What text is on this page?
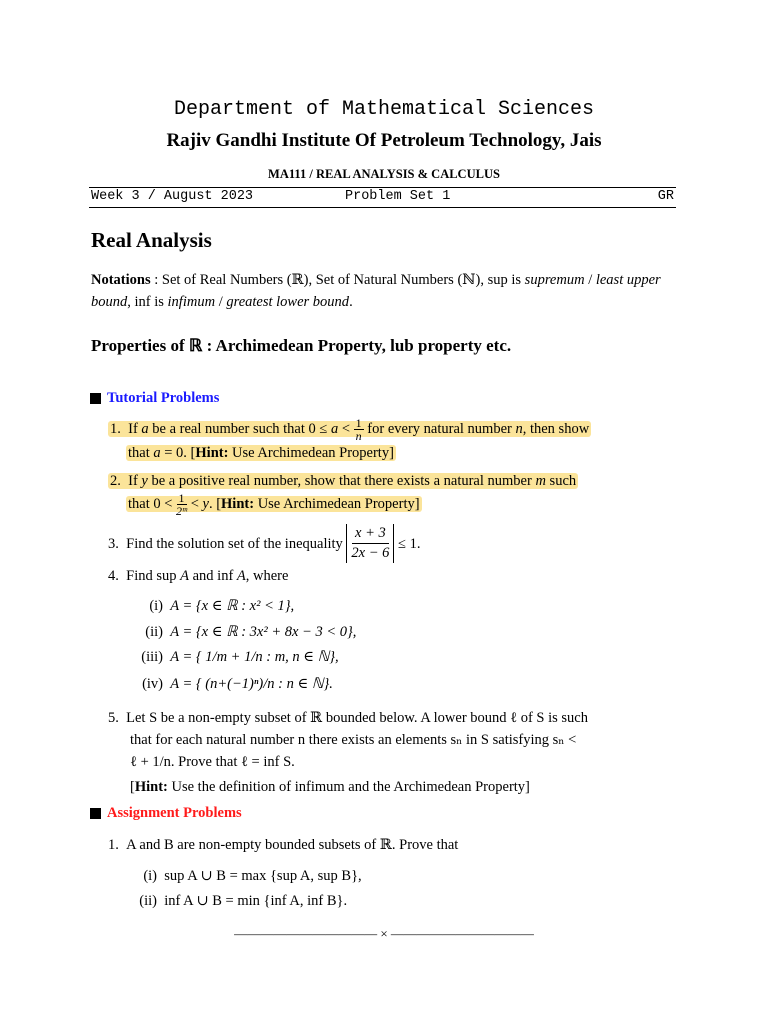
Department of Mathematical Sciences
Rajiv Gandhi Institute Of Petroleum Technology, Jais
MA111 / REAL ANALYSIS & CALCULUS
Week 3 / August 2023	Problem Set 1	GR
Real Analysis
Notations : Set of Real Numbers (ℝ), Set of Natural Numbers (ℕ), sup is supremum / least upper bound, inf is infimum / greatest lower bound.
Properties of ℝ : Archimedean Property, lub property etc.
Tutorial Problems
1. If a be a real number such that $0 \le a < \frac{1}{n}$ for every natural number n, then show
that a = 0. [Hint: Use Archimedean Property]
2. If y be a positive real number, show that there exists a natural number m such
that $0 < \frac{1}{\text{2ᵐ}} < y$. [Hint: Use Archimedean Property]
3.
Find the solution set of the inequality
$\frac{x + 3}{2x - 6}$
≤ 1.
4. Find sup A and inf A, where
(i) A = {x ∈ ℝ : x² < 1},
(ii) A = {x ∈ ℝ : 3x² + 8x − 3 < 0},
(iii) A = { 1/m + 1/n : m, n ∈ ℕ},
(iv) A = { (n+(−1)ⁿ)/n : n ∈ ℕ}.
5. Let S be a non-empty subset of ℝ bounded below. A lower bound ℓ of S is such
that for each natural number n there exists an elements sₙ in S satisfying sₙ <
ℓ + 1/n. Prove that ℓ = inf S.
[Hint: Use the definition of infimum and the Archimedean Property]
Assignment Problems
1. A and B are non-empty bounded subsets of ℝ. Prove that
(i) sup A ∪ B = max {sup A, sup B},
(ii) inf A ∪ B = min {inf A, inf B}.
——————————— × ———————————
